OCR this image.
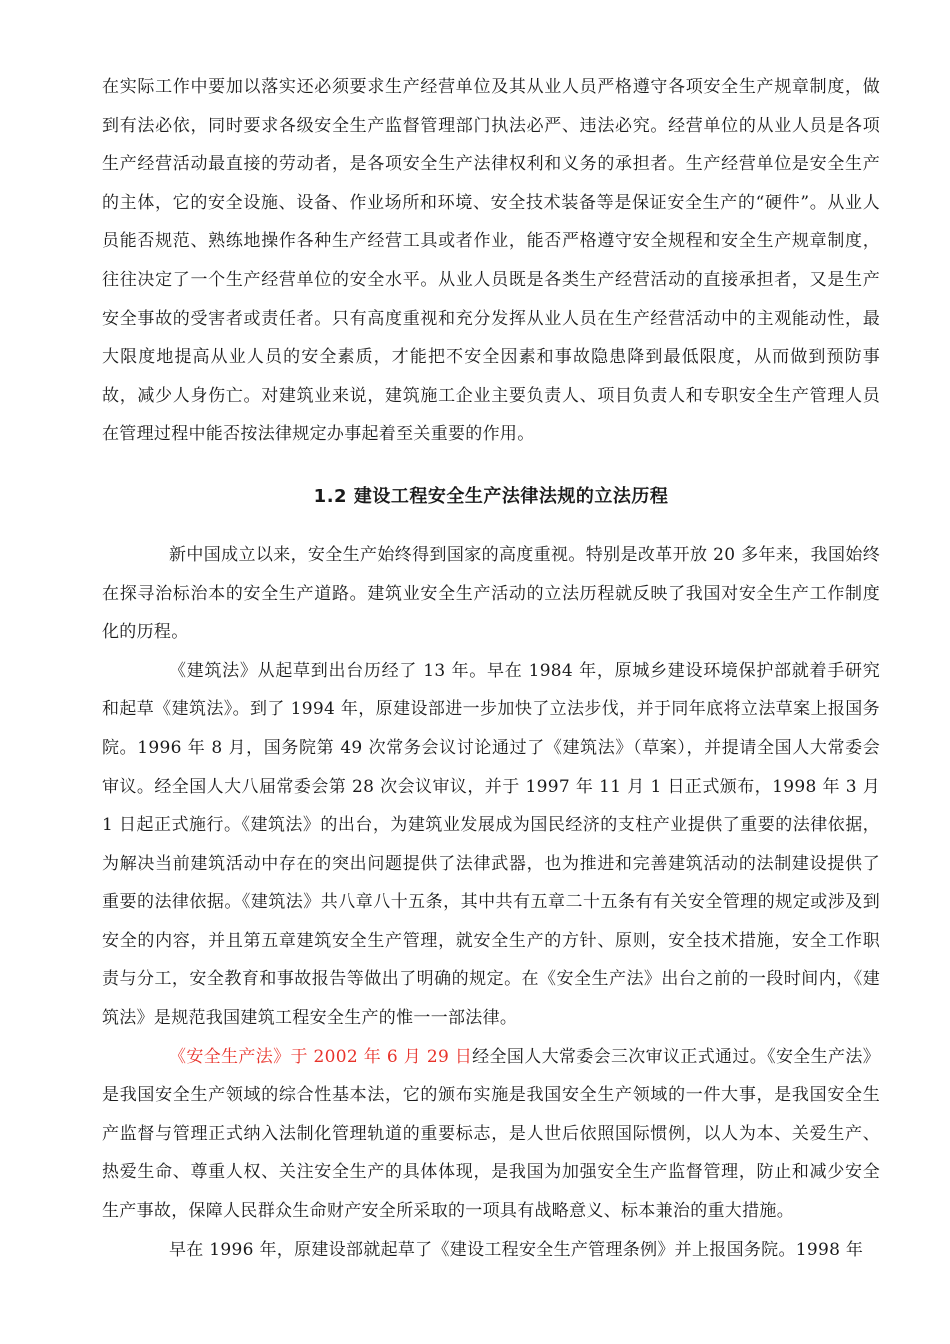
在实际工作中要加以落实还必须要求生产经营单位及其从业人员严格遵守各项安全生产规章制度，做到有法必依，同时要求各级安全生产监督管理部门执法必严、违法必究。经营单位的从业人员是各项生产经营活动最直接的劳动者，是各项安全生产法律权利和义务的承担者。生产经营单位是安全生产的主体，它的安全设施、设备、作业场所和环境、安全技术装备等是保证安全生产的“硬件”。从业人员能否规范、熟练地操作各种生产经营工具或者作业，能否严格遵守安全规程和安全生产规章制度，往往决定了一个生产经营单位的安全水平。从业人员既是各类生产经营活动的直接承担者，又是生产安全事故的受害者或责任者。只有高度重视和充分发挥从业人员在生产经营活动中的主观能动性，最大限度地提高从业人员的安全素质，才能把不安全因素和事故隐患降到最低限度，从而做到预防事故，减少人身伤亡。对建筑业来说，建筑施工企业主要负责人、项目负责人和专职安全生产管理人员在管理过程中能否按法律规定办事起着至关重要的作用。

1.2 建设工程安全生产法律法规的立法历程

新中国成立以来，安全生产始终得到国家的高度重视。特别是改革开放 20 多年来，我国始终在探寻治标治本的安全生产道路。建筑业安全生产活动的立法历程就反映了我国对安全生产工作制度化的历程。

《建筑法》从起草到出台历经了 13 年。早在 1984 年，原城乡建设环境保护部就着手研究和起草《建筑法》。到了 1994 年，原建设部进一步加快了立法步伐，并于同年底将立法草案上报国务院。1996 年 8 月，国务院第 49 次常务会议讨论通过了《建筑法》（草案），并提请全国人大常委会审议。经全国人大八届常委会第 28 次会议审议，并于 1997 年 11 月 1 日正式颁布，1998 年 3 月 1 日起正式施行。《建筑法》的出台，为建筑业发展成为国民经济的支柱产业提供了重要的法律依据，为解决当前建筑活动中存在的突出问题提供了法律武器，也为推进和完善建筑活动的法制建设提供了重要的法律依据。《建筑法》共八章八十五条，其中共有五章二十五条有有关安全管理的规定或涉及到安全的内容，并且第五章建筑安全生产管理，就安全生产的方针、原则，安全技术措施，安全工作职责与分工，安全教育和事故报告等做出了明确的规定。在《安全生产法》出台之前的一段时间内，《建筑法》是规范我国建筑工程安全生产的惟一一部法律。

《安全生产法》于 2002 年 6 月 29 日经全国人大常委会三次审议正式通过。《安全生产法》是我国安全生产领域的综合性基本法，它的颁布实施是我国安全生产领域的一件大事，是我国安全生产监督与管理正式纳入法制化管理轨道的重要标志，是人世后依照国际惯例，以人为本、关爱生产、热爱生命、尊重人权、关注安全生产的具体体现，是我国为加强安全生产监督管理，防止和减少安全生产事故，保障人民群众生命财产安全所采取的一项具有战略意义、标本兼治的重大措施。

早在 1996 年，原建设部就起草了《建设工程安全生产管理条例》并上报国务院。1998 年
